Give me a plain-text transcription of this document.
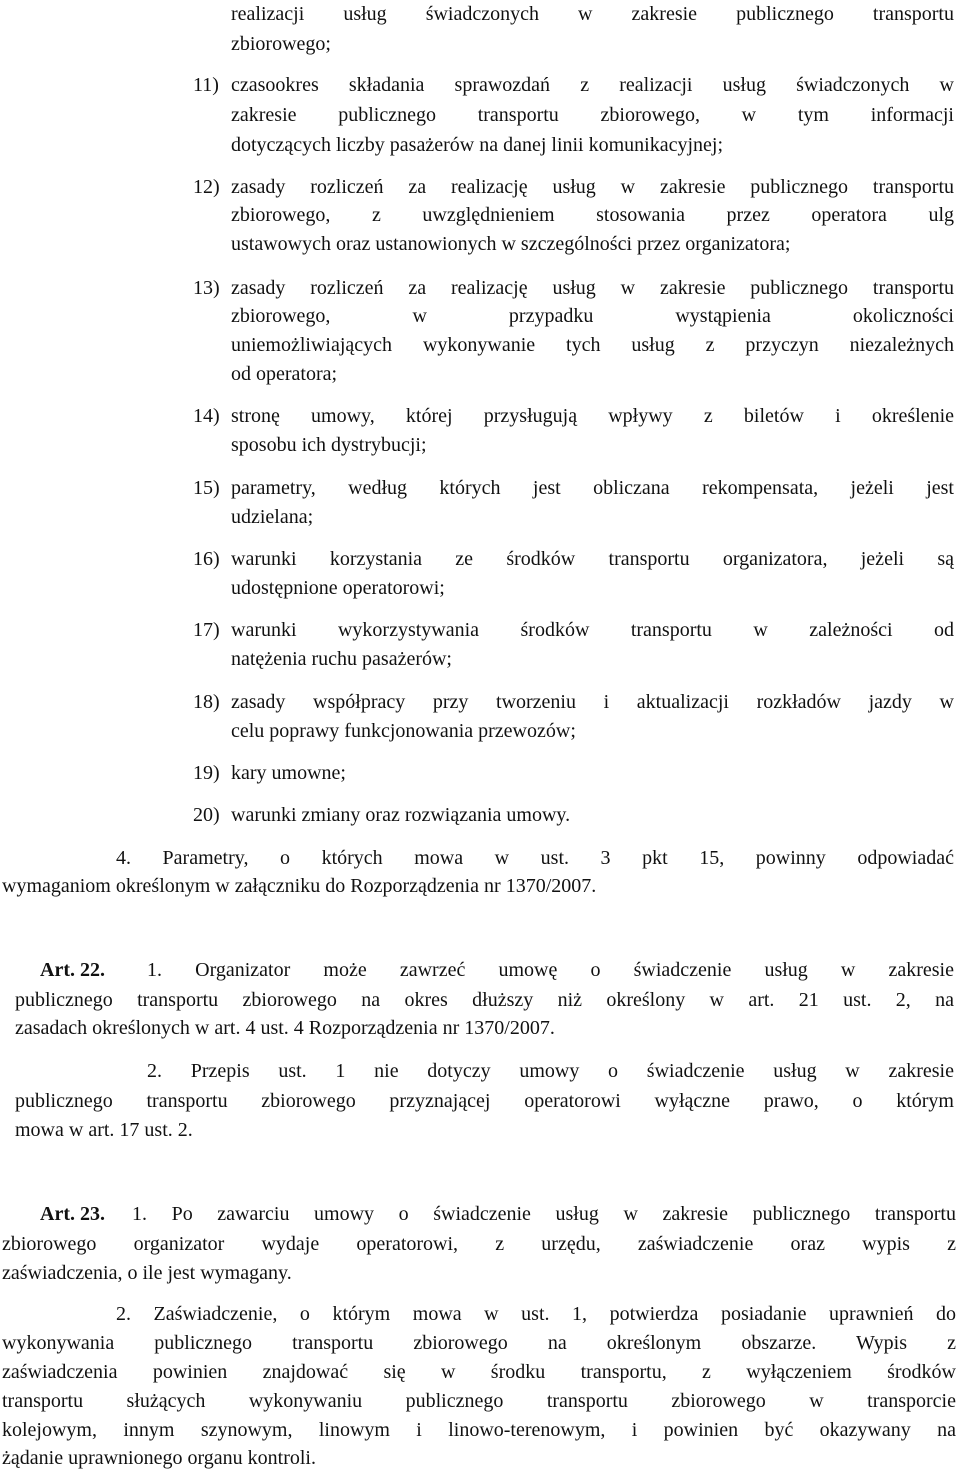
realizacji usług świadczonych w zakresie publicznego transportu
zbiorowego;
11) czasookres składania sprawozdań z realizacji usług świadczonych w
zakresie publicznego transportu zbiorowego, w tym informacji
dotyczących liczby pasażerów na danej linii komunikacyjnej;
12) zasady rozliczeń za realizację usług w zakresie publicznego transportu
zbiorowego, z uwzględnieniem stosowania przez operatora ulg
ustawowych oraz ustanowionych w szczególności przez organizatora;
13) zasady rozliczeń za realizację usług w zakresie publicznego transportu
zbiorowego, w przypadku wystąpienia okoliczności
uniemożliwiających wykonywanie tych usług z przyczyn niezależnych
od operatora;
14) stronę umowy, której przysługują wpływy z biletów i określenie
sposobu ich dystrybucji;
15) parametry, według których jest obliczana rekompensata, jeżeli jest
udzielana;
16) warunki korzystania ze środków transportu organizatora, jeżeli są
udostępnione operatorowi;
17) warunki wykorzystywania środków transportu w zależności od
natężenia ruchu pasażerów;
18) zasady współpracy przy tworzeniu i aktualizacji rozkładów jazdy w
celu poprawy funkcjonowania przewozów;
19) kary umowne;
20) warunki zmiany oraz rozwiązania umowy.
4. Parametry, o których mowa w ust. 3 pkt 15, powinny odpowiadać
wymaganiom określonym w załączniku do Rozporządzenia nr 1370/2007.
Art. 22. 1. Organizator może zawrzeć umowę o świadczenie usług w zakresie
publicznego transportu zbiorowego na okres dłuższy niż określony w art. 21 ust. 2, na
zasadach określonych w art. 4 ust. 4 Rozporządzenia nr 1370/2007.
2. Przepis ust. 1 nie dotyczy umowy o świadczenie usług w zakresie
publicznego transportu zbiorowego przyznającej operatorowi wyłączne prawo, o którym
mowa w art. 17 ust. 2.
Art. 23. 1. Po zawarciu umowy o świadczenie usług w zakresie publicznego transportu
zbiorowego organizator wydaje operatorowi, z urzędu, zaświadczenie oraz wypis z
zaświadczenia, o ile jest wymagany.
2. Zaświadczenie, o którym mowa w ust. 1, potwierdza posiadanie uprawnień do
wykonywania publicznego transportu zbiorowego na określonym obszarze. Wypis z
zaświadczenia powinien znajdować się w środku transportu, z wyłączeniem środków
transportu służących wykonywaniu publicznego transportu zbiorowego w transporcie
kolejowym, innym szynowym, linowym i linowo-terenowym, i powinien być okazywany na
żądanie uprawnionego organu kontroli.
